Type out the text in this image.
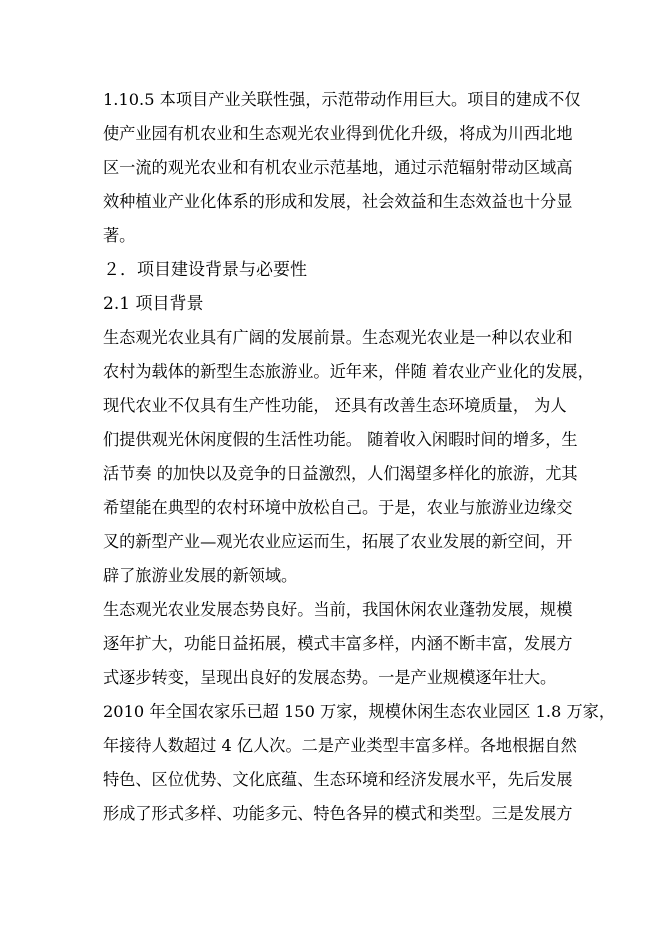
1.10.5 本项目产业关联性强，示范带动作用巨大。项目的建成不仅
使产业园有机农业和生态观光农业得到优化升级，将成为川西北地
区一流的观光农业和有机农业示范基地，通过示范辐射带动区域高
效种植业产业化体系的形成和发展，社会效益和生态效益也十分显
著。
２．项目建设背景与必要性
2.1 项目背景
生态观光农业具有广阔的发展前景。生态观光农业是一种以农业和
农村为载体的新型生态旅游业。近年来，伴随 着农业产业化的发展，
现代农业不仅具有生产性功能， 还具有改善生态环境质量， 为人
们提供观光休闲度假的生活性功能。 随着收入闲暇时间的增多，生
活节奏 的加快以及竞争的日益激烈，人们渴望多样化的旅游，尤其
希望能在典型的农村环境中放松自己。于是，农业与旅游业边缘交
叉的新型产业—观光农业应运而生，拓展了农业发展的新空间，开
辟了旅游业发展的新领域。
生态观光农业发展态势良好。当前，我国休闲农业蓬勃发展，规模
逐年扩大，功能日益拓展，模式丰富多样，内涵不断丰富，发展方
式逐步转变，呈现出良好的发展态势。一是产业规模逐年壮大。
2010 年全国农家乐已超 150 万家，规模休闲生态农业园区 1.8 万家，
年接待人数超过 4 亿人次。二是产业类型丰富多样。各地根据自然
特色、区位优势、文化底蕴、生态环境和经济发展水平，先后发展
形成了形式多样、功能多元、特色各异的模式和类型。三是发展方
